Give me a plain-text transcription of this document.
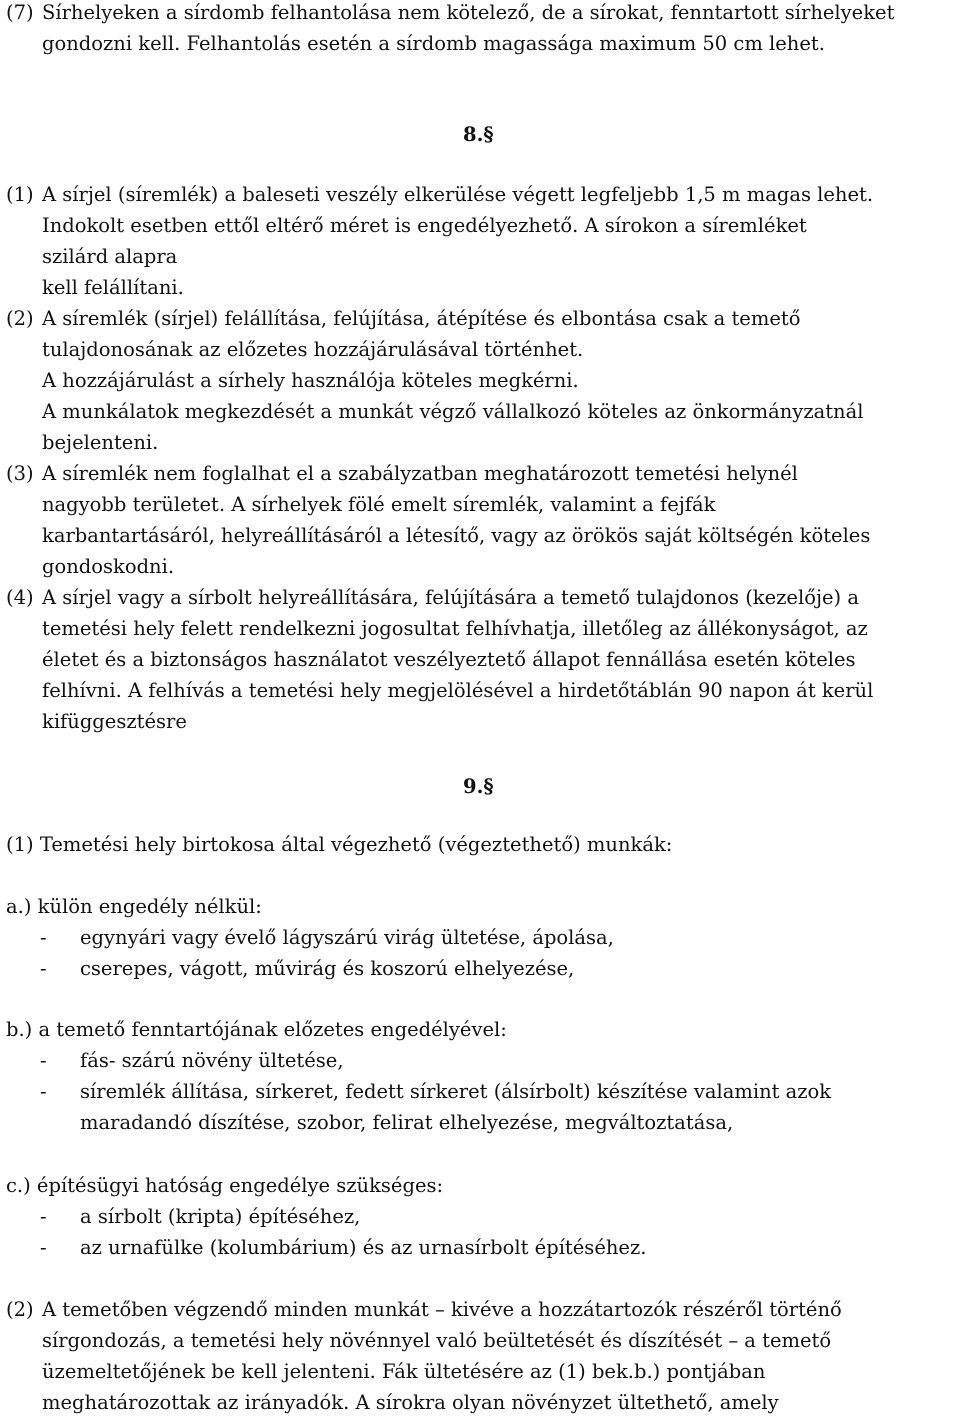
(7) Sírhelyeken a sírdomb felhantolása nem kötelező, de a sírokat, fenntartott sírhelyeket gondozni kell. Felhantolás esetén a sírdomb magassága maximum 50 cm lehet.
8.§
(1) A sírjel (síremlék) a baleseti veszély elkerülése végett legfeljebb 1,5 m magas lehet.
Indokolt esetben ettől eltérő méret is engedélyezhető. A sírokon a síremléket
szilárd alapra
kell felállítani.
(2) A síremlék (sírjel) felállítása, felújítása, átépítése és elbontása csak a temető
tulajdonosának az előzetes hozzájárulásával történhet.
A hozzájárulást a sírhely használója köteles megkérni.
A munkálatok megkezdését a munkát végző vállalkozó köteles az önkormányzatnál
bejelenteni.
(3) A síremlék nem foglalhat el a szabályzatban meghatározott temetési helynél
nagyobb területet. A sírhelyek fölé emelt síremlék, valamint a fejfák
karbantartásáról, helyreállításáról a létesítő, vagy az örökös saját költségén köteles
gondoskodni.
(4) A sírjel vagy a sírbolt helyreállítására, felújítására a temető tulajdonos (kezelője) a
temetési hely felett rendelkezni jogosultat felhívhatja, illetőleg az állékonyságot, az
életet és a biztonságos használatot veszélyeztető állapot fennállása esetén köteles
felhívni. A felhívás a temetési hely megjelölésével a hirdetőtáblán 90 napon át kerül
kifüggesztésre
9.§
(1) Temetési hely birtokosa által végezhető (végeztethető) munkák:
a.) külön engedély nélkül:
- egynyári vagy évelő lágyszárú virág ültetése, ápolása,
- cserepes, vágott, művirág és koszorú elhelyezése,
b.) a temető fenntartójának előzetes engedélyével:
- fás- szárú növény ültetése,
- síremlék állítása, sírkeret, fedett sírkeret (álsírbolt) készítése valamint azok
maradandó díszítése, szobor, felirat elhelyezése, megváltoztatása,
c.) építésügyi hatóság engedélye szükséges:
- a sírbolt (kripta) építéséhez,
- az urnafülke (kolumbárium) és az urnasírbolt építéséhez.
(2) A temetőben végzendő minden munkát – kivéve a hozzátartozók részéről történő
sírgondozás, a temetési hely növénnyel való beültetését és díszítését – a temető
üzemeltetőjének be kell jelenteni. Fák ültetésére az (1) bek.b.) pontjában
meghatározottak az irányadók. A sírokra olyan növényzet ültethető, amely
